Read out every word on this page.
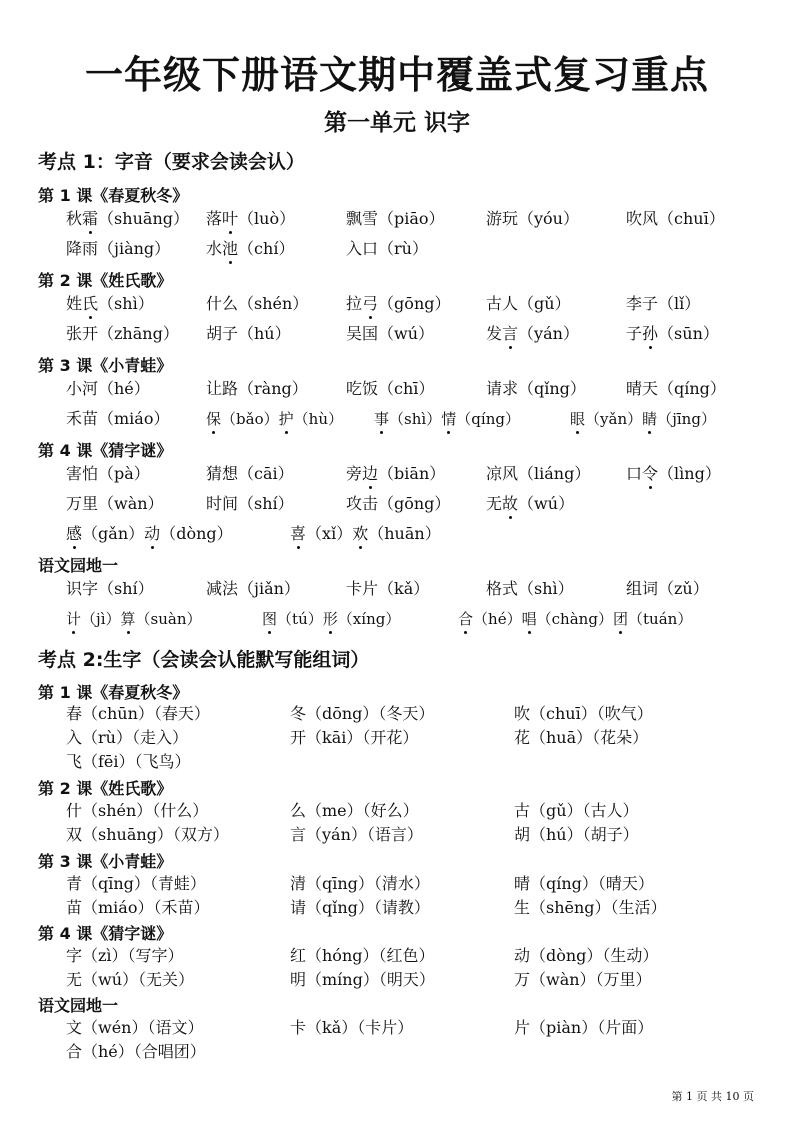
一年级下册语文期中覆盖式复习重点
第一单元 识字
考点 1：字音（要求会读会认）
第 1 课《春夏秋冬》
秋霜（shuāng） 落叶（luò）	飘雪（piāo）	游玩（yóu）	吹风（chuī）
降雨（jiàng） 水池（chí）	入口（rù）
第 2 课《姓氏歌》
姓氏（shì）	什么（shén） 拉弓（gōng） 古人（gǔ）	李子（lǐ）
张开（zhāng） 胡子（hú）	吴国（wú）	发言（yán）	子孙（sūn）
第 3 课《小青蛙》
小河（hé）	让路（ràng） 吃饭（chī）	请求（qǐng）	晴天（qíng）
禾苗（miáo） 保（bǎo）护（hù） 事（shì）情（qíng）	眼（yǎn）睛（jīng）
第 4 课《猜字谜》
害怕（pà）	猜想（cāi）	旁边（biān）	凉风（liáng） 口令（lìng）
万里（wàn）	时间（shí）	攻击（gōng） 无故（wú）
感（gǎn）动（dòng）	喜（xǐ）欢（huān）
语文园地一
识字（shí）	减法（jiǎn）	卡片（kǎ）	格式（shì）	组词（zǔ）
计（jì）算（suàn）	图（tú）形（xíng）	合（hé）唱（chàng）团（tuán）
考点 2:生字（会读会认能默写能组词）
第 1 课《春夏秋冬》
春（chūn）（春天）	冬（dōng）（冬天）	吹（chuī）（吹气）
入（rù）（走入）	开（kāi）（开花）	花（huā）（花朵）
飞（fēi）（飞鸟）
第 2 课《姓氏歌》
什（shén）（什么）	么（me）（好么）	古（gǔ）（古人）
双（shuāng）（双方）	言（yán）（语言）	胡（hú）（胡子）
第 3 课《小青蛙》
青（qīng）（青蛙）	清（qīng）（清水）	晴（qíng）（晴天）
苗（miáo）（禾苗）	请（qǐng）（请教）	生（shēng）（生活）
第 4 课《猜字谜》
字（zì）（写字）	红（hóng）（红色）	动（dòng）（生动）
无（wú）（无关）	明（míng）（明天）	万（wàn）（万里）
语文园地一
文（wén）（语文）	卡（kǎ）（卡片）	片（piàn）（片面）
合（hé）（合唱团）
第 1 页 共 10 页
